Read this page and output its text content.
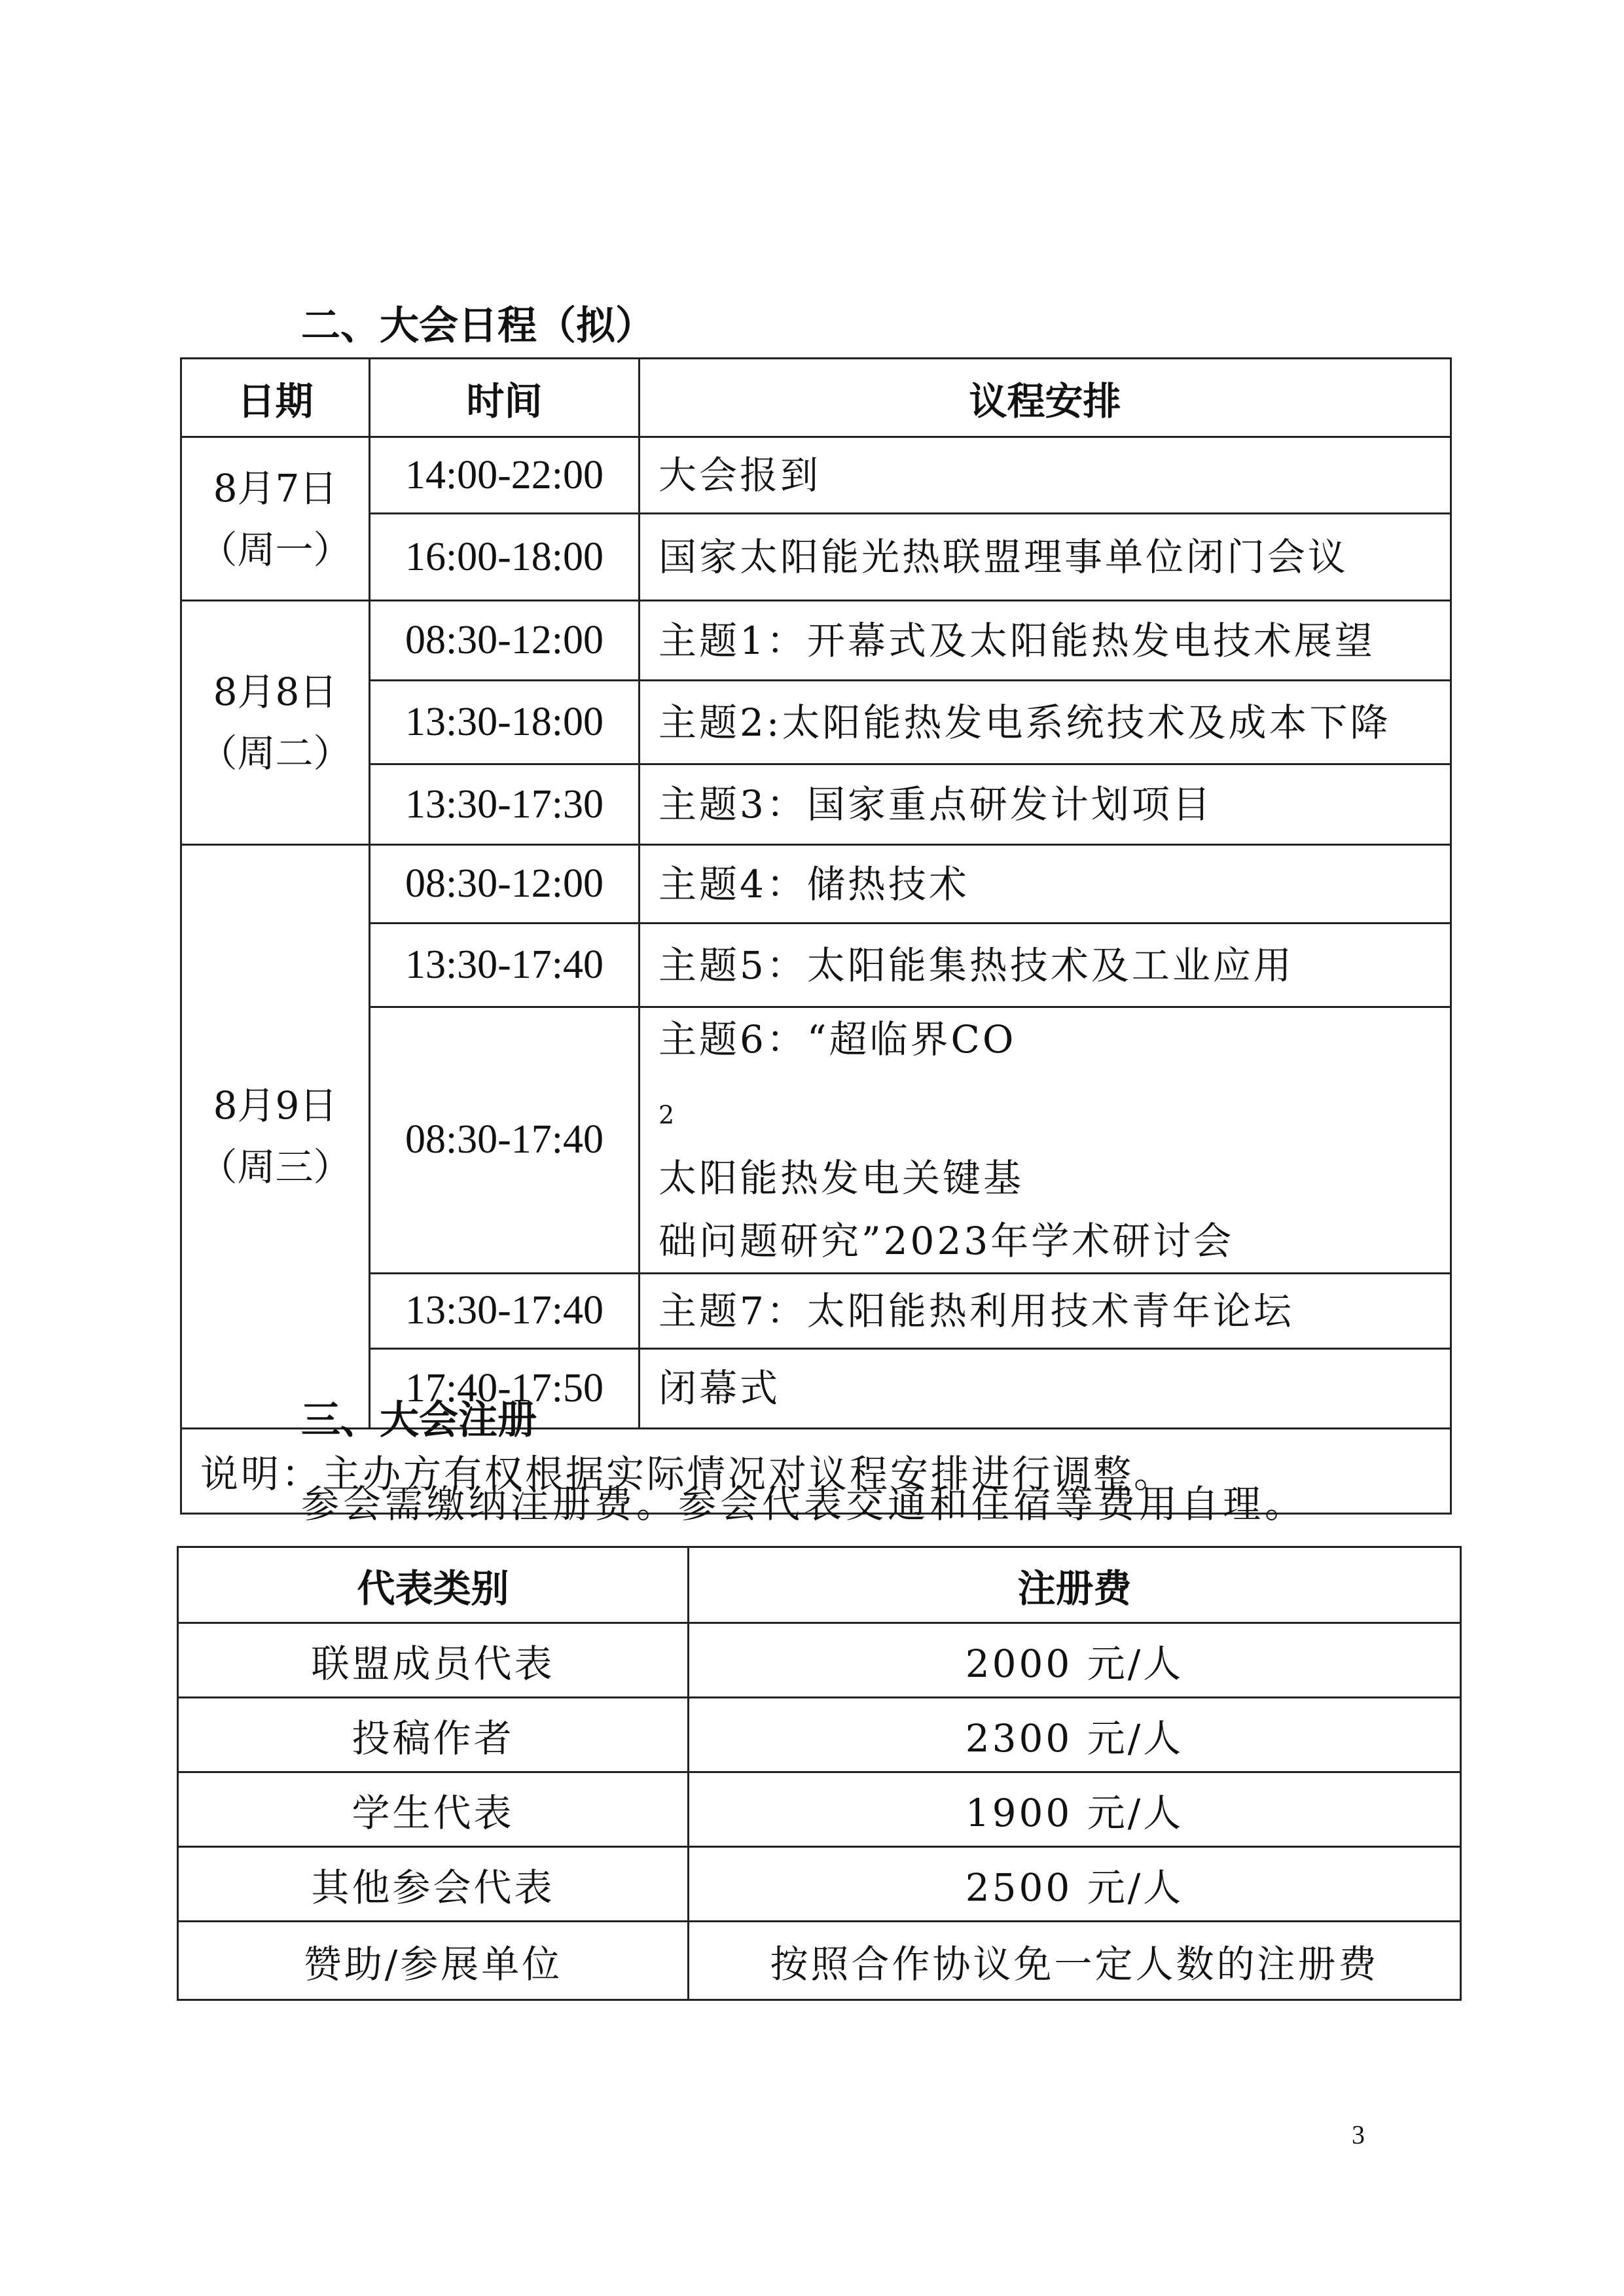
二、大会日程（拟）
日期	时间	议程安排

8月7日
（周一）	14:00-22:00	大会报到
	16:00-18:00	国家太阳能光热联盟理事单位闭门会议

8月8日
（周二）	08:30-12:00	主题1：开幕式及太阳能热发电技术展望
	13:30-18:00	主题2:太阳能热发电系统技术及成本下降
	13:30-17:30	主题3：国家重点研发计划项目

8月9日
（周三）	08:30-12:00	主题4：储热技术
	13:30-17:40	主题5：太阳能集热技术及工业应用
	08:30-17:40	主题6：“超临界CO
$_2$
太阳能热发电关键基
础问题研究”2023年学术研讨会

	13:30-17:40	主题7：太阳能热利用技术青年论坛
	17:40-17:50	闭幕式
说明：主办方有权根据实际情况对议程安排进行调整。		
三、大会注册
参会需缴纳注册费。参会代表交通和住宿等费用自理。
代表类别	注册费
联盟成员代表	2000 元/人
投稿作者	2300 元/人
学生代表	1900 元/人
其他参会代表	2500 元/人
赞助/参展单位	按照合作协议免一定人数的注册费
3
